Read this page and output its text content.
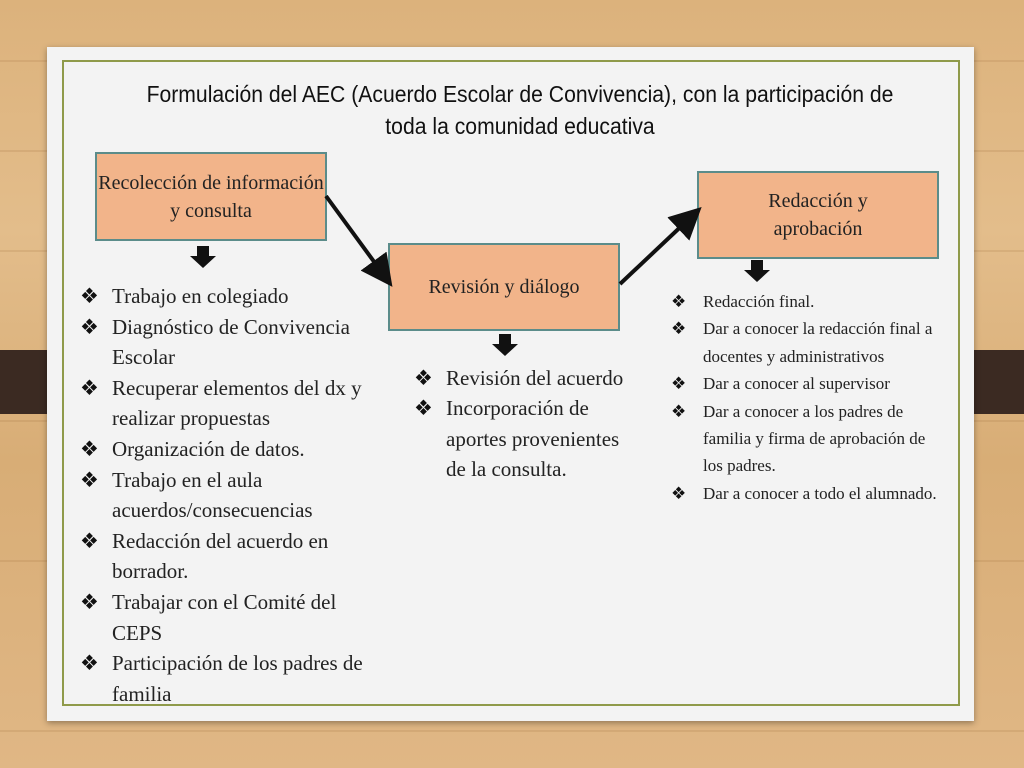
Formulación del AEC (Acuerdo Escolar de Convivencia), con la participación de toda la comunidad educativa
Recolección de información y consulta
Revisión y diálogo
Redacción y aprobación
❖ Trabajo en colegiado
❖ Diagnóstico de Convivencia Escolar
❖ Recuperar elementos del dx y realizar propuestas
❖ Organización de datos.
❖ Trabajo en el aula acuerdos/consecuencias
❖ Redacción del acuerdo en borrador.
❖ Trabajar con el Comité del CEPS
❖ Participación de los padres de familia
❖ Revisión del acuerdo
❖ Incorporación de aportes provenientes de la consulta.
❖ Redacción final.
❖ Dar a conocer la redacción final a docentes y administrativos
❖ Dar a conocer al supervisor
❖ Dar a conocer a los padres de familia y firma de aprobación de los padres.
❖ Dar a conocer a todo el alumnado.
